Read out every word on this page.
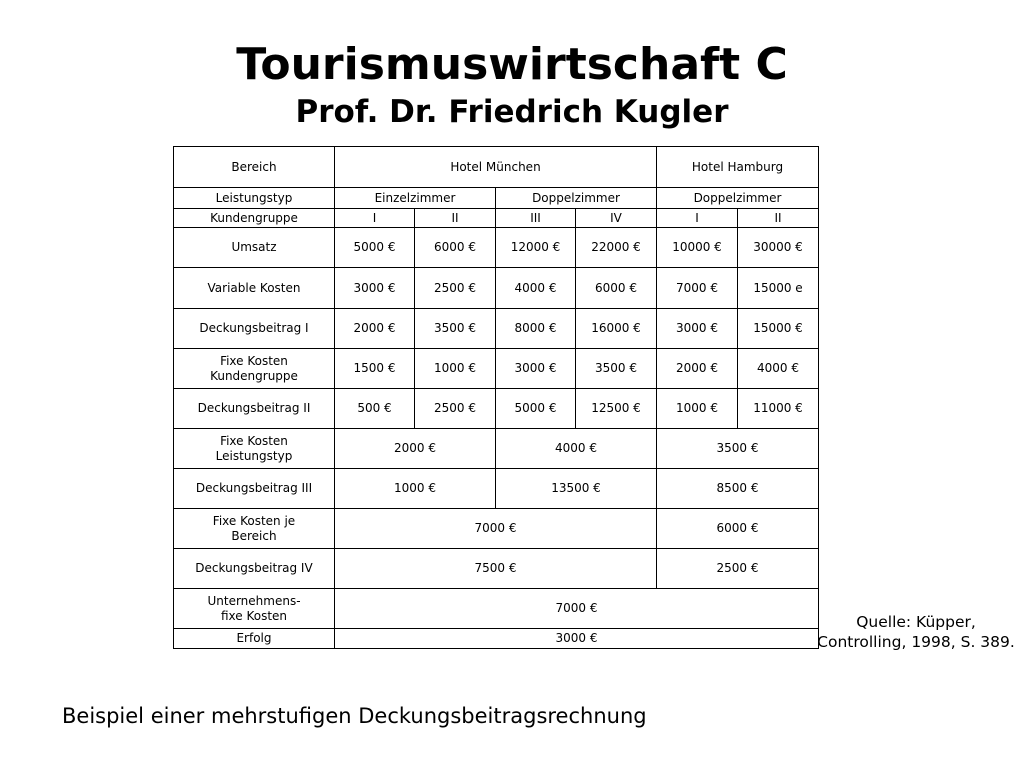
Tourismuswirtschaft C
Prof. Dr. Friedrich Kugler
Bereich	Hotel München				Hotel Hamburg	
Leistungstyp	Einzelzimmer		Doppelzimmer		Doppelzimmer	
Kundengruppe	I	II	III	IV	I	II
Umsatz	5000 €	6000 €	12000 €	22000 €	10000 €	30000 €
Variable Kosten	3000 €	2500 €	4000 €	6000 €	7000 €	15000 e
Deckungsbeitrag I	2000 €	3500 €	8000 €	16000 €	3000 €	15000 €
Fixe Kosten
Kundengruppe	1500 €	1000 €	3000 €	3500 €	2000 €	4000 €
Deckungsbeitrag II	500 €	2500 €	5000 €	12500 €	1000 €	11000 €
Fixe Kosten
Leistungstyp	2000 €		4000 €		3500 €	
Deckungsbeitrag III	1000 €		13500 €		8500 €	
Fixe Kosten je
Bereich	7000 €				6000 €	
Deckungsbeitrag IV	7500 €				2500 €	
Unternehmens-
fixe Kosten	7000 €					
Erfolg	3000 €					
Quelle: Küpper,
Controlling, 1998, S. 389.
Beispiel einer mehrstufigen Deckungsbeitragsrechnung
